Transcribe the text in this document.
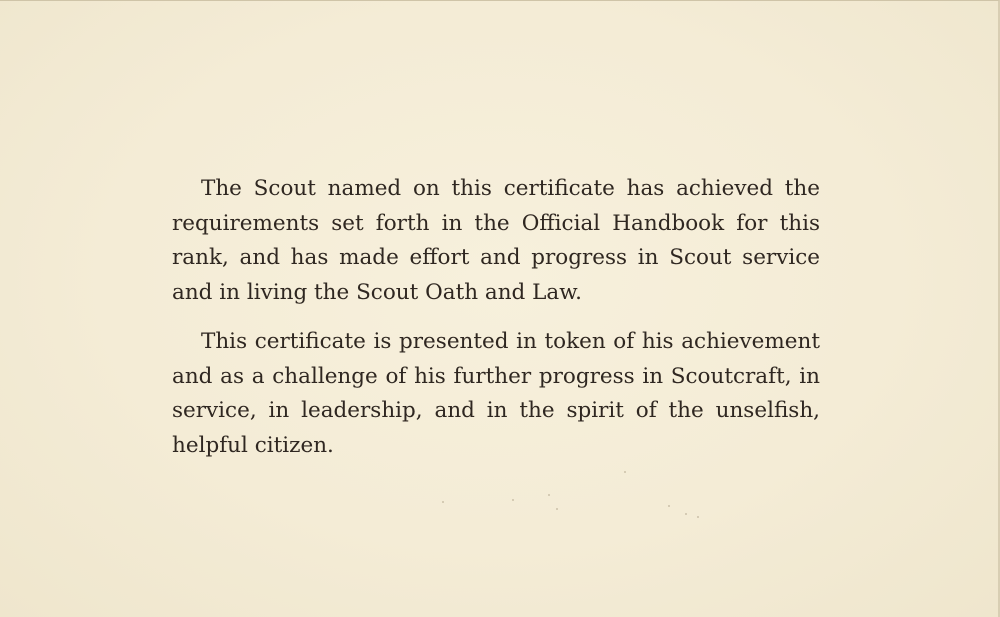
The Scout named on this certificate has achieved the requirements set forth in the Official Handbook for this rank, and has made effort and progress in Scout service and in living the Scout Oath and Law.

This certificate is presented in token of his achievement and as a challenge of his further progress in Scoutcraft, in service, in leadership, and in the spirit of the unselfish, helpful citizen.
